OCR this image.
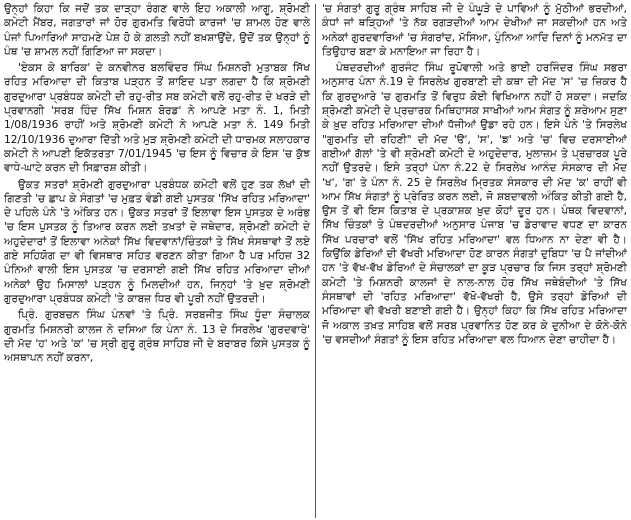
ਉਨ੍ਹਾਂ ਕਿਹਾ ਕਿ ਜਦੋਂ ਤਕ ਦਾੜ੍ਹਾ ਰੰਗਣ ਵਾਲੇ ਇਹ ਅਕਾਲੀ ਆਗੂ, ਸ਼੍ਰੋਮਣੀ ਕਮੇਟੀ ਮੈਂਬਰ, ਜਗਤਾਰਾਂ ਜਾਂ ਹੋਰ ਗੁਰਮਤਿ ਵਿਰੋਧੀ ਕਾਰਜਾਂ 'ਚ ਸ਼ਾਮਲ ਹੋਣ ਵਾਲੇ ਪੰਜਾਂ ਪਿਆਰਿਆਂ ਸਾਹਮਣੇ ਪੇਸ਼ ਹੋ ਕੇ ਗ਼ਲਤੀ ਨਹੀਂ ਬਖ਼ਸ਼ਾਉਂਦੇ, ਉਦੋਂ ਤਕ ਉਨ੍ਹਾਂ ਨੂੰ ਪੰਥ 'ਚ ਸ਼ਾਮਲ ਨਹੀਂ ਗਿਣਿਆ ਜਾ ਸਕਦਾ।

'ਏਕਸ ਕੇ ਬਾਰਿਕ' ਦੇ ਕਨਵੀਨਰ ਬਲਵਿੰਦਰ ਸਿੰਘ ਮਿਸ਼ਨਰੀ ਮੁਤਾਬਕ ਸਿੱਖ ਰਹਿਤ ਮਰਿਆਦਾ ਦੀ ਕਿਤਾਬ ਪੜ੍ਹਨ ਤੋਂ ਸ਼ਾਇਦ ਪਤਾ ਲਗਦਾ ਹੈ ਕਿ ਸ਼੍ਰੋਮਣੀ ਗੁਰਦੁਆਰਾ ਪ੍ਰਬੰਧਕ ਕਮੇਟੀ ਦੀ ਰਹੁ-ਰੀਤ ਸਬ ਕਮੇਟੀ ਵਲੋਂ ਰਹੁ-ਰੀਤ ਦੇ ਖਰੜੇ ਦੀ ਪ੍ਰਵਾਨਗੀ 'ਸਰਬ ਹਿੰਦ ਸਿੱਖ ਮਿਸ਼ਨ ਬੋਰਡ' ਨੇ ਆਪਣੇ ਮਤਾ ਨੰ. 1, ਮਿਤੀ 1/08/1936 ਰਾਹੀਂ ਅਤੇ ਸ਼੍ਰੋਮਣੀ ਕਮੇਟੀ ਨੇ ਆਪਣੇ ਮਤਾ ਨੰ. 149 ਮਿਤੀ 12/10/1936 ਦੁਆਰਾ ਦਿੱਤੀ ਅਤੇ ਮੁੜ ਸ਼੍ਰੋਮਣੀ ਕਮੇਟੀ ਦੀ ਧਾਰਮਕ ਸਲਾਹਕਾਰ ਕਮੇਟੀ ਨੇ ਆਪਣੀ ਇਕੱਤਰਤਾ 7/01/1945 'ਚ ਇਸ ਨੂੰ ਵਿਚਾਰ ਕੇ ਇਸ 'ਚ ਕੁੱਝ ਵਾਧੇ-ਘਾਟੇ ਕਰਨ ਦੀ ਸਿਫ਼ਾਰਸ਼ ਕੀਤੀ।

ਉਕਤ ਸਤਰਾਂ ਸ਼੍ਰੋਮਣੀ ਗੁਰਦੁਆਰਾ ਪ੍ਰਬੰਧਕ ਕਮੇਟੀ ਵਲੋਂ ਹੁਣ ਤਕ ਲੱਖਾਂ ਦੀ ਗਿਣਤੀ 'ਚ ਛਾਪ ਕੇ ਸੰਗਤਾਂ 'ਚ ਮੁਫ਼ਤ ਵੰਡੀ ਗਈ ਪੁਸਤਕ 'ਸਿੱਖ ਰਹਿਤ ਮਰਿਆਦਾ' ਦੇ ਪਹਿਲੇ ਪੰਨੇ 'ਤੇ ਅੰਕਿਤ ਹਨ। ਉਕਤ ਸਤਰਾਂ ਤੋਂ ਇਲਾਵਾ ਇਸ ਪੁਸਤਕ ਦੇ ਅਰੰਭ 'ਚ ਇਸ ਪੁਸਤਕ ਨੂੰ ਤਿਆਰ ਕਰਨ ਲਈ ਤਖ਼ਤਾਂ ਦੇ ਜਥੇਦਾਰ, ਸ਼੍ਰੋਮਣੀ ਕਮੇਟੀ ਦੇ ਅਹੁਦੇਦਾਰਾਂ ਤੋਂ ਇਲਾਵਾ ਅਨੇਕਾਂ ਸਿੱਖ ਵਿਦਵਾਨਾਂ/ਚਿੰਤਕਾਂ ਤੇ ਸਿੱਖ ਸੰਸਥਾਵਾਂ ਤੋਂ ਲਏ ਗਏ ਸਹਿਯੋਗ ਦਾ ਵੀ ਵਿਸਥਾਰ ਸਹਿਤ ਵਰਣਨ ਕੀਤਾ ਗਿਆ ਹੈ ਪਰ ਮਹਿਜ਼ 32 ਪੰਨਿਆਂ ਵਾਲੀ ਇਸ ਪੁਸਤਕ 'ਚ ਦਰਸਾਈ ਗਈ ਸਿੱਖ ਰਹਿਤ ਮਰਿਆਦਾ ਦੀਆਂ ਅਨੇਕਾਂ ਉਹ ਮਿਸਾਲਾਂ ਪੜ੍ਹਨ ਨੂੰ ਮਿਲਦੀਆਂ ਹਨ, ਜਿਨ੍ਹਾਂ 'ਤੇ ਖ਼ੁਦ ਸ਼੍ਰੋਮਣੀ ਗੁਰਦੁਆਰਾ ਪ੍ਰਬੰਧਕ ਕਮੇਟੀ 'ਤੇ ਕਾਬਜ਼ ਧਿਰ ਵੀ ਪੂਰੀ ਨਹੀਂ ਉਤਰਦੀ।

ਪ੍ਰਿੰ. ਗੁਰਬਚਨ ਸਿੰਘ ਪੰਨਵਾਂ 'ਤੇ ਪ੍ਰਿੰ. ਸਰਬਜੀਤ ਸਿੰਘ ਧੂੰਦਾ ਸੰਚਾਲਕ ਗੁਰਮਤਿ ਮਿਸ਼ਨਰੀ ਕਾਲਜ ਨੇ ਦਸਿਆ ਕਿ ਪੰਨਾ ਨੰ. 13 ਦੇ ਸਿਰਲੇਖ 'ਗੁਰਦਵਾਰੇ' ਦੀ ਮੱਦ 'ਹ' ਅਤੇ 'ਕ' 'ਚ ਸ੍ਰੀ ਗੁਰੂ ਗ੍ਰੰਥ ਸਾਹਿਬ ਜੀ ਦੇ ਬਰਾਬਰ ਕਿਸੇ ਪੁਸਤਕ ਨੂੰ ਅਸਥਾਪਨ ਨਹੀਂ ਕਰਨਾ,

'ਚ ਸੰਗਤਾਂ ਗੁਰੂ ਗ੍ਰੰਥ ਸਾਹਿਬ ਜੀ ਦੇ ਪੰਘੂੜੇ ਦੇ ਪਾਵਿਆਂ ਨੂੰ ਮੁੱਠੀਆਂ ਭਰਦੀਆਂ, ਕੰਧਾਂ ਜਾਂ ਥੜ੍ਹਿਆਂ 'ਤੇ ਨੱਕ ਰਗੜਦੀਆਂ ਆਮ ਦੇਖੀਆਂ ਜਾ ਸਕਦੀਆਂ ਹਨ ਅਤੇ ਅਨੇਕਾਂ ਗੁਰਦਵਾਰਿਆਂ 'ਚ ਸੰਗਰਾਂਦ, ਮੱਸਿਆ, ਪੁੰਨਿਆ ਆਦਿ ਦਿਨਾਂ ਨੂੰ ਮਨਮੱਤ ਦਾ ਤਿਉਹਾਰ ਬਣਾ ਕੇ ਮਨਾਇਆ ਜਾ ਰਿਹਾ ਹੈ।

ਪੰਥਦਰਦੀਆਂ ਗੁਰਜੰਟ ਸਿੰਘ ਰੂਪੋਵਾਲੀ ਅਤੇ ਭਾਈ ਹਰਜਿੰਦਰ ਸਿੰਘ ਸਭਰਾ ਅਨੁਸਾਰ ਪੰਨਾ ਨੰ.19 ਦੇ ਸਿਰਲੇਖ ਗੁਰਬਾਣੀ ਦੀ ਕਥਾ ਦੀ ਮੱਦ 'ਸ' 'ਚ ਜ਼ਿਕਰ ਹੈ ਕਿ ਗੁਰਦੁਆਰੇ 'ਚ ਗੁਰਮਤਿ ਤੋਂ ਵਿਰੁਧ ਕੋਈ ਵਿਖਿਆਨ ਨਹੀਂ ਹੋ ਸਕਦਾ। ਜਦਕਿ ਸ਼੍ਰੋਮਣੀ ਕਮੇਟੀ ਦੇ ਪ੍ਰਚਾਰਕ ਮਿਥਿਹਾਸਕ ਸਾਖੀਆਂ ਆਮ ਸੰਗਤ ਨੂੰ ਸ਼ਰੇਆਮ ਸੁਣਾ ਕੇ ਖ਼ੁਦ ਰਹਿਤ ਮਰਿਆਦਾ ਦੀਆਂ ਧੱਜੀਆਂ ਉਡਾ ਰਹੇ ਹਨ। ਇਸੇ ਪੰਨੇ 'ਤੇ ਸਿਰਲੇਖ "ਗੁਰਮਤਿ ਦੀ ਰਹਿਣੀ" ਦੀ ਮੱਦ 'ੳ', 'ਸ', 'ਙ' ਅਤੇ 'ਚ' ਵਿਚ ਦਰਸਾਈਆਂ ਗਈਆਂ ਗੱਲਾਂ 'ਤੇ ਵੀ ਸ਼੍ਰੋਮਣੀ ਕਮੇਟੀ ਦੇ ਅਹੁਦੇਦਾਰ, ਮੁਲਾਜ਼ਮ ਤੇ ਪ੍ਰਚਾਰਕ ਪੂਰੇ ਨਹੀਂ ਉਤਰਦੇ। ਇਸੇ ਤਰ੍ਹਾਂ ਪੰਨਾ ਨੰ.22 ਦੇ ਸਿਰਲੇਖ ਆਨੰਦ ਸੰਸਕਾਰ ਦੀ ਮੱਦ 'ਖ', 'ਗ' ਤੇ ਪੰਨਾ ਨੰ. 25 ਦੇ ਸਿਰਲੇਖ ਮ੍ਰਿਤਕ ਸੰਸਕਾਰ ਦੀ ਮੱਦ 'ਕ' ਰਾਹੀਂ ਵੀ ਆਮ ਸਿੱਖ ਸੰਗਤਾਂ ਨੂੰ ਪ੍ਰੇਰਿਤ ਕਰਨ ਲਈ, ਜੋ ਸ਼ਬਦਾਵਲੀ ਅੰਕਿਤ ਕੀਤੀ ਗਈ ਹੈ, ਉਸ ਤੋਂ ਵੀ ਇਸ ਕਿਤਾਬ ਦੇ ਪ੍ਰਕਾਸ਼ਕ ਖ਼ੁਦ ਕੋਹਾਂ ਦੂਰ ਹਨ। ਪੰਥਕ ਵਿਦਵਾਨਾਂ, ਸਿੱਖ ਚਿੰਤਕਾਂ ਤੇ ਪੰਥਦਰਦੀਆਂ ਅਨੁਸਾਰ ਪੰਜਾਬ 'ਚ ਡੇਰਾਵਾਦ ਵਧਣ ਦਾ ਕਾਰਨ ਸਿੱਖ ਪਰਚਾਰਾਂ ਵਲੋਂ 'ਸਿੱਖ ਰਹਿਤ ਮਰਿਆਦਾ' ਵਲ ਧਿਆਨ ਨਾ ਦੇਣਾ ਵੀ ਹੈ। ਕਿਉਂਕਿ ਡੇਰਿਆਂ ਦੀ ਵੱਖਰੀ ਮਰਿਆਦਾ ਹੋਣ ਕਾਰਨ ਸੰਗਤਾਂ ਦੁਬਿਧਾ 'ਚ ਪੈ ਜਾਂਦੀਆਂ ਹਨ 'ਤੇ ਵੱਖ-ਵੱਖ ਡੇਰਿਆਂ ਦੇ ਸੰਚਾਲਕਾਂ ਦਾ ਕੂੜ ਪ੍ਰਚਾਰ ਕਿ ਜਿਸ ਤਰ੍ਹਾਂ ਸ਼੍ਰੋਮਣੀ ਕਮੇਟੀ 'ਤੇ ਮਿਸ਼ਨਰੀ ਕਾਲਜਾਂ ਦੇ ਨਾਲ-ਨਾਲ ਹੋਰ ਸਿੱਖ ਜਥੇਬੰਦੀਆਂ 'ਤੇ ਸਿੱਖ ਸੰਸਥਾਵਾਂ ਦੀ 'ਰਹਿਤ ਮਰਿਆਦਾ' ਵੱਖੋ-ਵੱਖਰੀ ਹੈ, ਉਸੇ ਤਰ੍ਹਾਂ ਡੇਰਿਆਂ ਦੀ ਮਰਿਆਦਾ ਵੀ ਵੱਖਰੀ ਬਣਾਈ ਗਈ ਹੈ। ਉਨ੍ਹਾਂ ਕਿਹਾ ਕਿ ਸਿੱਖ ਰਹਿਤ ਮਰਿਆਦਾ ਜੋ ਅਕਾਲ ਤਖ਼ਤ ਸਾਹਿਬ ਵਲੋਂ ਸਰਬ ਪ੍ਰਵਾਨਿਤ ਹੋਣ ਕਰ ਕੇ ਦੁਨੀਆ ਦੇ ਕੋਨੇ-ਕੋਨੇ 'ਚ ਵਸਦੀਆਂ ਸੰਗਤਾਂ ਨੂੰ ਇਸ ਰਹਿਤ ਮਰਿਆਦਾ ਵਲ ਧਿਆਨ ਦੇਣਾ ਚਾਹੀਦਾ ਹੈ।
